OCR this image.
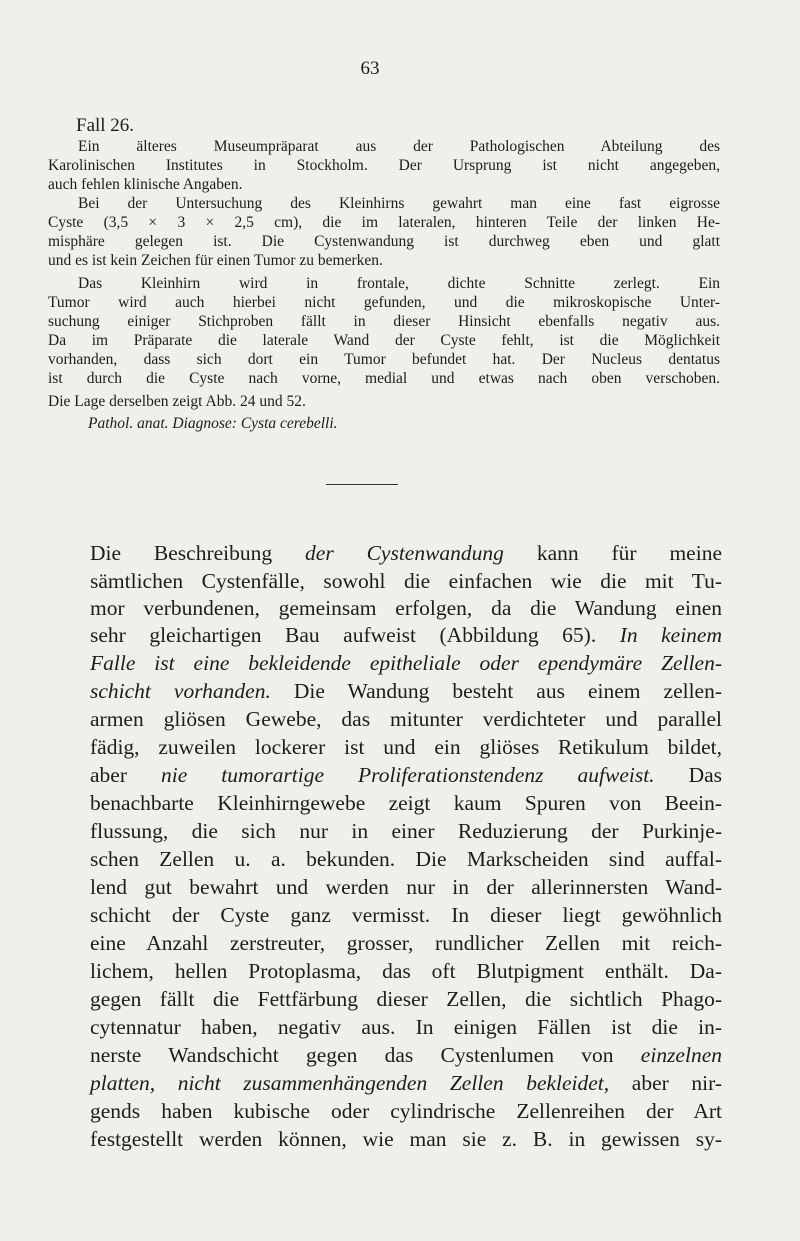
63
Fall 26.
Ein älteres Museumpräparat aus der Pathologischen Abteilung des
Karolinischen Institutes in Stockholm. Der Ursprung ist nicht angegeben,
auch fehlen klinische Angaben.
Bei der Untersuchung des Kleinhirns gewahrt man eine fast eigrosse
Cyste (3,5 × 3 × 2,5 cm), die im lateralen, hinteren Teile der linken He-
misphäre gelegen ist. Die Cystenwandung ist durchweg eben und glatt
und es ist kein Zeichen für einen Tumor zu bemerken.
Das Kleinhirn wird in frontale, dichte Schnitte zerlegt. Ein
Tumor wird auch hierbei nicht gefunden, und die mikroskopische Unter-
suchung einiger Stichproben fällt in dieser Hinsicht ebenfalls negativ aus.
Da im Präparate die laterale Wand der Cyste fehlt, ist die Möglichkeit
vorhanden, dass sich dort ein Tumor befundet hat. Der Nucleus dentatus
ist durch die Cyste nach vorne, medial und etwas nach oben verschoben.
Die Lage derselben zeigt Abb. 24 und 52.
Pathol. anat. Diagnose: Cysta cerebelli.
Die Beschreibung der Cystenwandung kann für meine
sämtlichen Cystenfälle, sowohl die einfachen wie die mit Tu-
mor verbundenen, gemeinsam erfolgen, da die Wandung einen
sehr gleichartigen Bau aufweist (Abbildung 65). In keinem
Falle ist eine bekleidende epitheliale oder ependymäre Zellen-
schicht vorhanden. Die Wandung besteht aus einem zellen-
armen gliösen Gewebe, das mitunter verdichteter und parallel
fädig, zuweilen lockerer ist und ein gliöses Retikulum bildet,
aber nie tumorartige Proliferationstendenz aufweist. Das
benachbarte Kleinhirngewebe zeigt kaum Spuren von Beein-
flussung, die sich nur in einer Reduzierung der Purkinje-
schen Zellen u. a. bekunden. Die Markscheiden sind auffal-
lend gut bewahrt und werden nur in der allerinnersten Wand-
schicht der Cyste ganz vermisst. In dieser liegt gewöhnlich
eine Anzahl zerstreuter, grosser, rundlicher Zellen mit reich-
lichem, hellen Protoplasma, das oft Blutpigment enthält. Da-
gegen fällt die Fettfärbung dieser Zellen, die sichtlich Phago-
cytennatur haben, negativ aus. In einigen Fällen ist die in-
nerste Wandschicht gegen das Cystenlumen von einzelnen
platten, nicht zusammenhängenden Zellen bekleidet, aber nir-
gends haben kubische oder cylindrische Zellenreihen der Art
festgestellt werden können, wie man sie z. B. in gewissen sy-
